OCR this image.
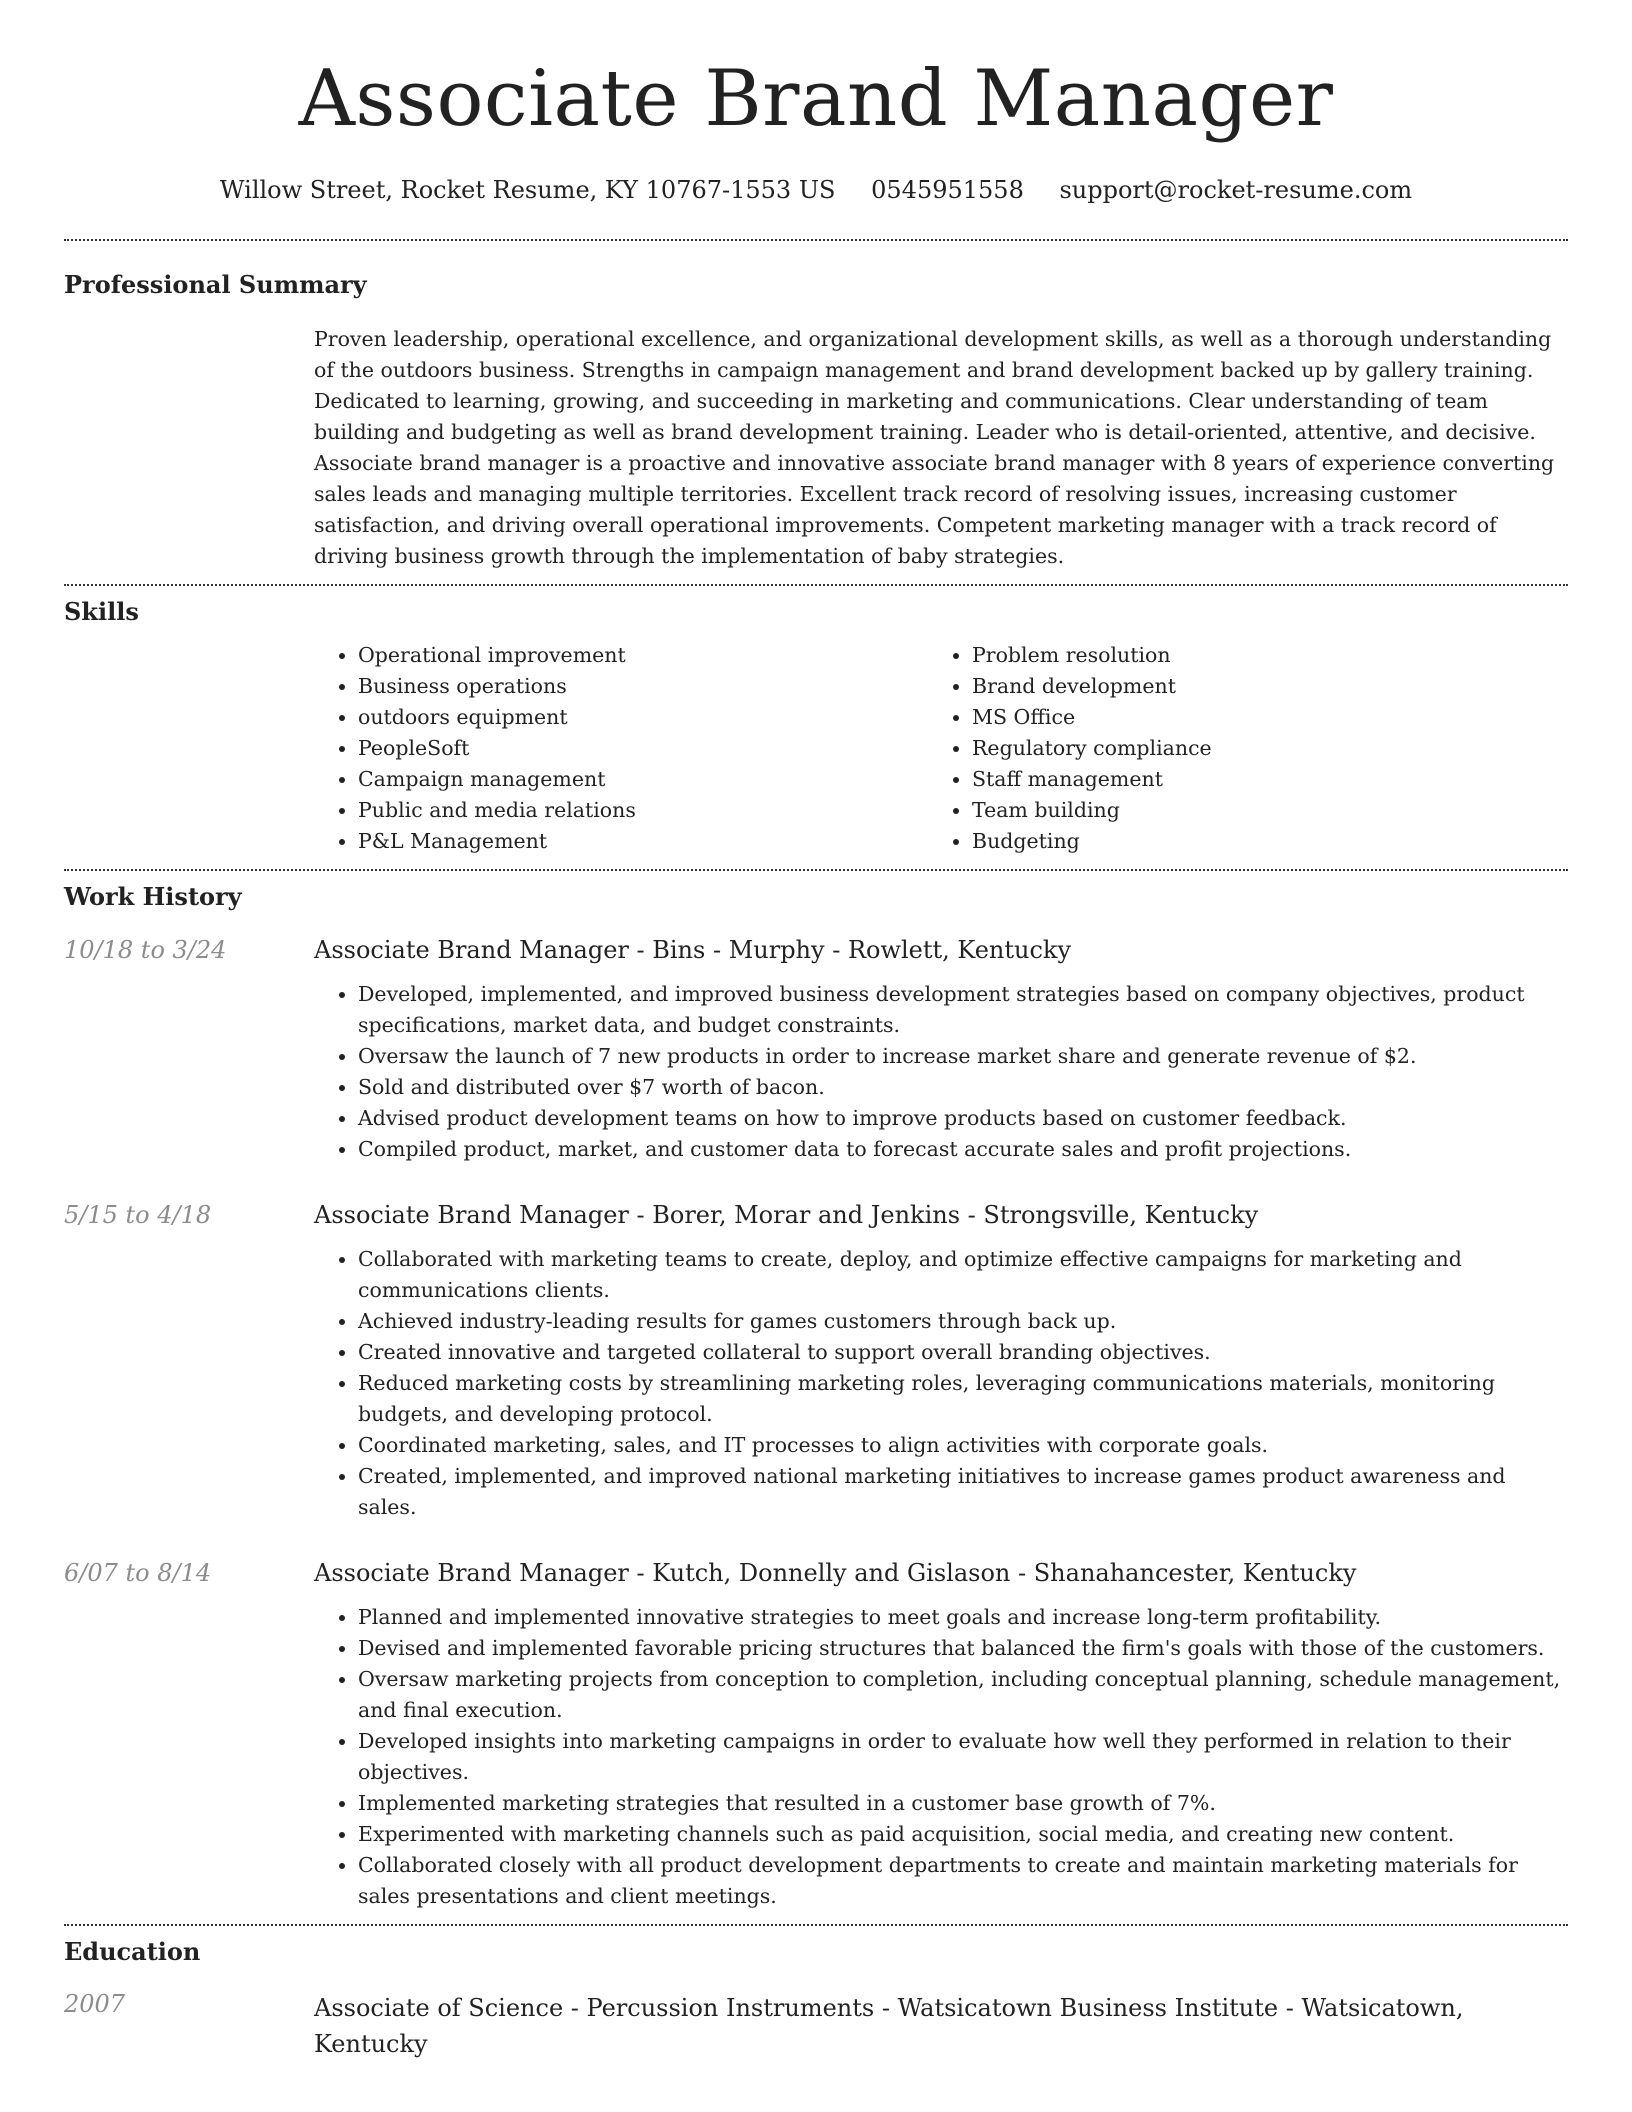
Associate Brand Manager
Willow Street, Rocket Resume, KY 10767-1553 US 0545951558 support@rocket-resume.com
Professional Summary

Proven leadership, operational excellence, and organizational development skills, as well as a thorough understanding of the outdoors business. Strengths in campaign management and brand development backed up by gallery training. Dedicated to learning, growing, and succeeding in marketing and communications. Clear understanding of team building and budgeting as well as brand development training. Leader who is detail-oriented, attentive, and decisive. Associate brand manager is a proactive and innovative associate brand manager with 8 years of experience converting sales leads and managing multiple territories. Excellent track record of resolving issues, increasing customer satisfaction, and driving overall operational improvements. Competent marketing manager with a track record of driving business growth through the implementation of baby strategies.

Skills
• Operational improvement
• Business operations
• outdoors equipment
• PeopleSoft
• Campaign management
• Public and media relations
• P&L Management
• Problem resolution
• Brand development
• MS Office
• Regulatory compliance
• Staff management
• Team building
• Budgeting
Work History
10/18 to 3/24	Associate Brand Manager - Bins - Murphy - Rowlett, Kentucky
• Developed, implemented, and improved business development strategies based on company objectives, product specifications, market data, and budget constraints.
• Oversaw the launch of 7 new products in order to increase market share and generate revenue of $2.
• Sold and distributed over $7 worth of bacon.
• Advised product development teams on how to improve products based on customer feedback.
• Compiled product, market, and customer data to forecast accurate sales and profit projections.
5/15 to 4/18	Associate Brand Manager - Borer, Morar and Jenkins - Strongsville, Kentucky
• Collaborated with marketing teams to create, deploy, and optimize effective campaigns for marketing and communications clients.
• Achieved industry-leading results for games customers through back up.
• Created innovative and targeted collateral to support overall branding objectives.
• Reduced marketing costs by streamlining marketing roles, leveraging communications materials, monitoring budgets, and developing protocol.
• Coordinated marketing, sales, and IT processes to align activities with corporate goals.
• Created, implemented, and improved national marketing initiatives to increase games product awareness and sales.
6/07 to 8/14	Associate Brand Manager - Kutch, Donnelly and Gislason - Shanahancester, Kentucky
• Planned and implemented innovative strategies to meet goals and increase long-term profitability.
• Devised and implemented favorable pricing structures that balanced the firm's goals with those of the customers.
• Oversaw marketing projects from conception to completion, including conceptual planning, schedule management, and final execution.
• Developed insights into marketing campaigns in order to evaluate how well they performed in relation to their objectives.
• Implemented marketing strategies that resulted in a customer base growth of 7%.
• Experimented with marketing channels such as paid acquisition, social media, and creating new content.
• Collaborated closely with all product development departments to create and maintain marketing materials for sales presentations and client meetings.
Education
2007	Associate of Science - Percussion Instruments - Watsicatown Business Institute - Watsicatown, Kentucky
